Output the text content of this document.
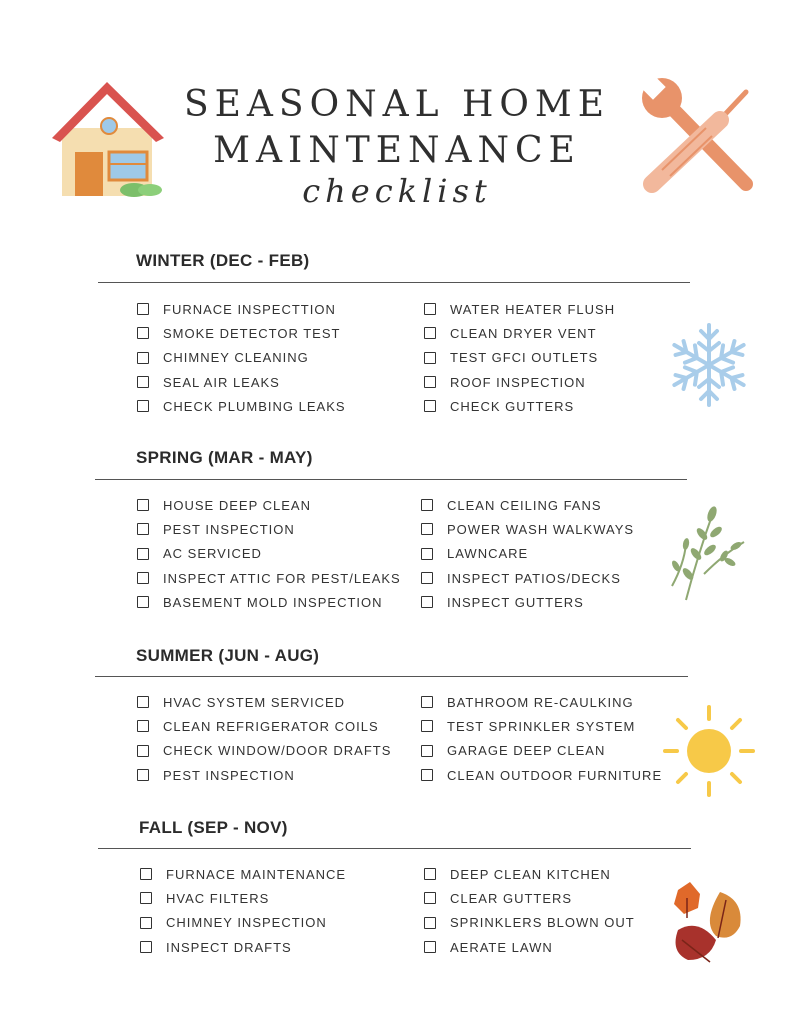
SEASONAL HOME
MAINTENANCE
checklist
WINTER (DEC - FEB)
FURNACE INSPECTTION
SMOKE DETECTOR TEST
CHIMNEY CLEANING
SEAL AIR LEAKS
CHECK PLUMBING LEAKS
WATER HEATER FLUSH
CLEAN DRYER VENT
TEST GFCI OUTLETS
ROOF INSPECTION
CHECK GUTTERS
SPRING (MAR - MAY)
HOUSE DEEP CLEAN
PEST INSPECTION
AC SERVICED
INSPECT ATTIC FOR PEST/LEAKS
BASEMENT MOLD INSPECTION
CLEAN CEILING FANS
POWER WASH WALKWAYS
LAWNCARE
INSPECT PATIOS/DECKS
INSPECT GUTTERS
SUMMER (JUN - AUG)
HVAC SYSTEM SERVICED
CLEAN REFRIGERATOR COILS
CHECK WINDOW/DOOR DRAFTS
PEST INSPECTION
BATHROOM RE-CAULKING
TEST SPRINKLER SYSTEM
GARAGE DEEP CLEAN
CLEAN OUTDOOR FURNITURE
FALL (SEP - NOV)
FURNACE MAINTENANCE
HVAC FILTERS
CHIMNEY INSPECTION
INSPECT DRAFTS
DEEP CLEAN KITCHEN
CLEAR GUTTERS
SPRINKLERS BLOWN OUT
AERATE LAWN
